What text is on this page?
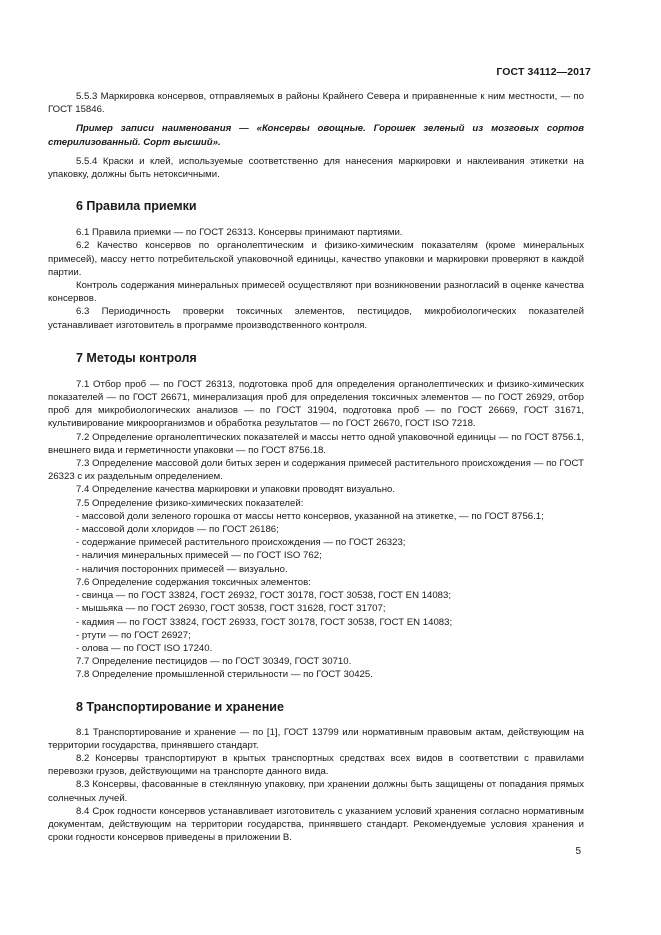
ГОСТ 34112—2017

5.5.3 Маркировка консервов, отправляемых в районы Крайнего Севера и приравненные к ним местности, — по ГОСТ 15846.

Пример записи наименования — «Консервы овощные. Горошек зеленый из мозговых сортов стерилизованный. Сорт высший».

5.5.4 Краски и клей, используемые соответственно для нанесения маркировки и наклеивания этикетки на упаковку, должны быть нетоксичными.

6 Правила приемки

6.1 Правила приемки — по ГОСТ 26313. Консервы принимают партиями.

6.2 Качество консервов по органолептическим и физико-химическим показателям (кроме минеральных примесей), массу нетто потребительской упаковочной единицы, качество упаковки и маркировки проверяют в каждой партии.

Контроль содержания минеральных примесей осуществляют при возникновении разногласий в оценке качества консервов.

6.3 Периодичность проверки токсичных элементов, пестицидов, микробиологических показателей устанавливает изготовитель в программе производственного контроля.

7 Методы контроля

7.1 Отбор проб — по ГОСТ 26313, подготовка проб для определения органолептических и физико-химических показателей — по ГОСТ 26671, минерализация проб для определения токсичных элементов — по ГОСТ 26929, отбор проб для микробиологических анализов — по ГОСТ 31904, подготовка проб — по ГОСТ 26669, ГОСТ 31671, культивирование микроорганизмов и обработка результатов — по ГОСТ 26670, ГОСТ ISO 7218.

7.2 Определение органолептических показателей и массы нетто одной упаковочной единицы — по ГОСТ 8756.1, внешнего вида и герметичности упаковки — по ГОСТ 8756.18.

7.3 Определение массовой доли битых зерен и содержания примесей растительного происхождения — по ГОСТ 26323 с их раздельным определением.

7.4 Определение качества маркировки и упаковки проводят визуально.

7.5 Определение физико-химических показателей:

- массовой доли зеленого горошка от массы нетто консервов, указанной на этикетке, — по ГОСТ 8756.1;

- массовой доли хлоридов — по ГОСТ 26186;

- содержание примесей растительного происхождения — по ГОСТ 26323;

- наличия минеральных примесей — по ГОСТ ISO 762;

- наличия посторонних примесей — визуально.

7.6 Определение содержания токсичных элементов:

- свинца — по ГОСТ 33824, ГОСТ 26932, ГОСТ 30178, ГОСТ 30538, ГОСТ EN 14083;

- мышьяка — по ГОСТ 26930, ГОСТ 30538, ГОСТ 31628, ГОСТ 31707;

- кадмия — по ГОСТ 33824, ГОСТ 26933, ГОСТ 30178, ГОСТ 30538, ГОСТ EN 14083;

- ртути — по ГОСТ 26927;

- олова — по ГОСТ ISO 17240.

7.7 Определение пестицидов — по ГОСТ 30349, ГОСТ 30710.

7.8 Определение промышленной стерильности — по ГОСТ 30425.

8 Транспортирование и хранение

8.1 Транспортирование и хранение — по [1], ГОСТ 13799 или нормативным правовым актам, действующим на территории государства, принявшего стандарт.

8.2 Консервы транспортируют в крытых транспортных средствах всех видов в соответствии с правилами перевозки грузов, действующими на транспорте данного вида.

8.3 Консервы, фасованные в стеклянную упаковку, при хранении должны быть защищены от попадания прямых солнечных лучей.

8.4 Срок годности консервов устанавливает изготовитель с указанием условий хранения согласно нормативным документам, действующим на территории государства, принявшего стандарт. Рекомендуемые условия хранения и сроки годности консервов приведены в приложении В.

5
